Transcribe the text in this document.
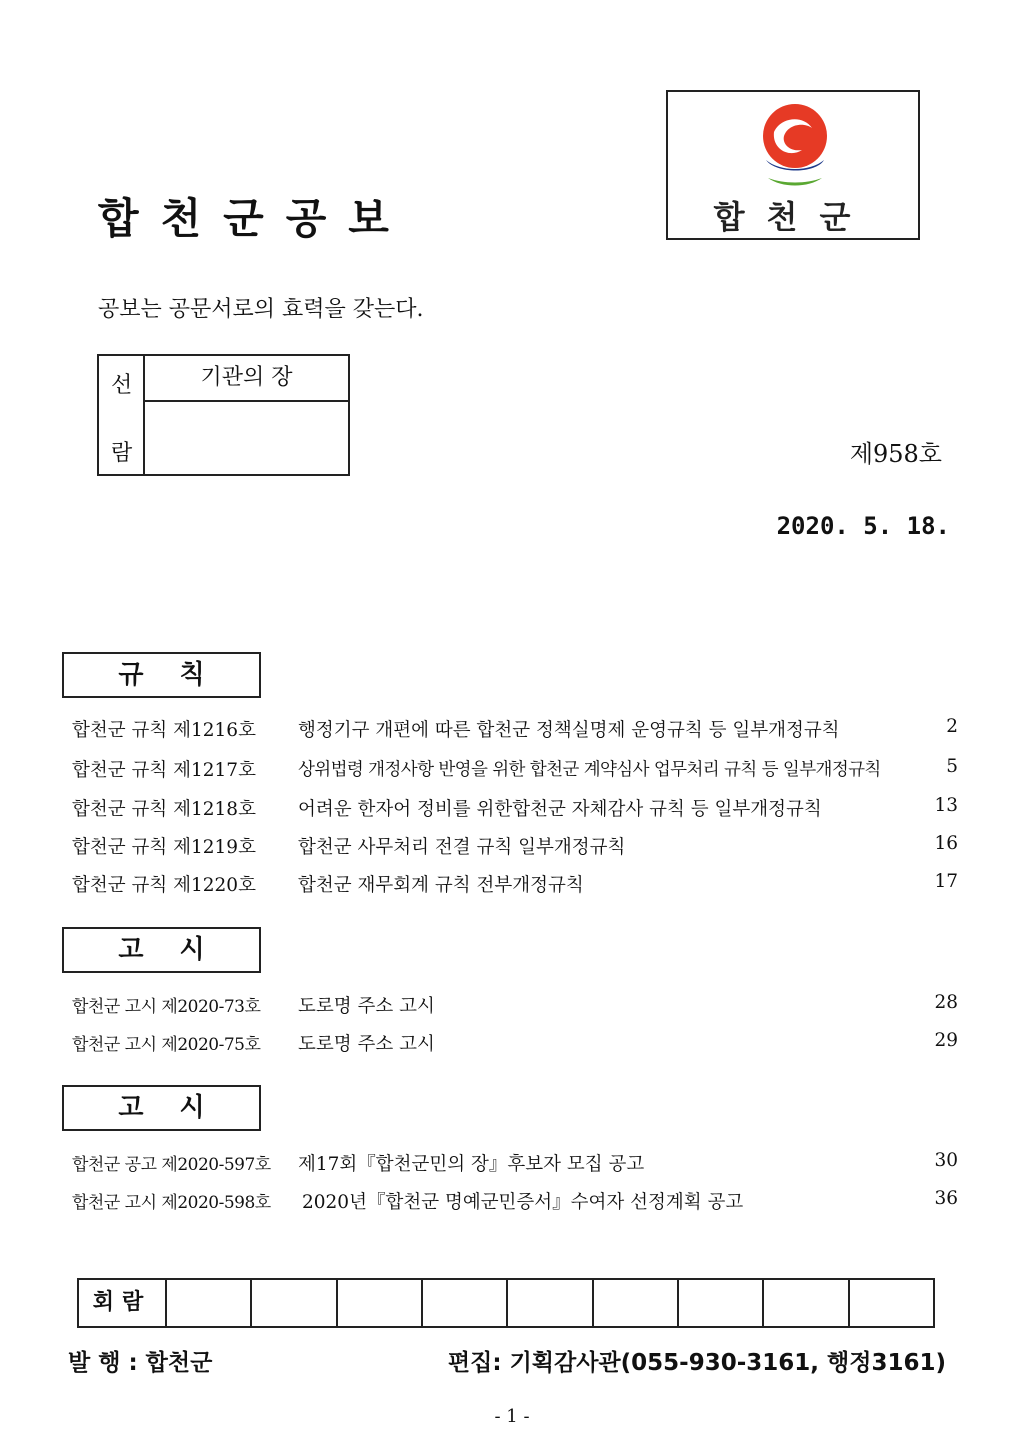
합천군공보	합천군
공보는 공문서로의 효력을 갖는다.
선
람
기관의 장
제958호
2020. 5. 18.
규칙
합천군 규칙 제1216호 행정기구 개편에 따른 합천군 정책실명제 운영규칙 등 일부개정규칙	2
합천군 규칙 제1217호 상위법령 개정사항 반영을 위한 합천군 계약심사 업무처리 규칙 등 일부개정규칙	5
합천군 규칙 제1218호 어려운 한자어 정비를 위한합천군 자체감사 규칙 등 일부개정규칙	13
합천군 규칙 제1219호 합천군 사무처리 전결 규칙 일부개정규칙	16
합천군 규칙 제1220호 합천군 재무회계 규칙 전부개정규칙	17
고시
합천군 고시 제2020-73호 도로명 주소 고시	28
합천군 고시 제2020-75호 도로명 주소 고시	29
고시
합천군 공고 제2020-597호 제17회『합천군민의 장』후보자 모집 공고	30
합천군 고시 제2020-598호 2020년『합천군 명예군민증서』수여자 선정계획 공고	36
회람
발 행 : 합천군	편집: 기획감사관(055-930-3161, 행정3161)
- 1 -
